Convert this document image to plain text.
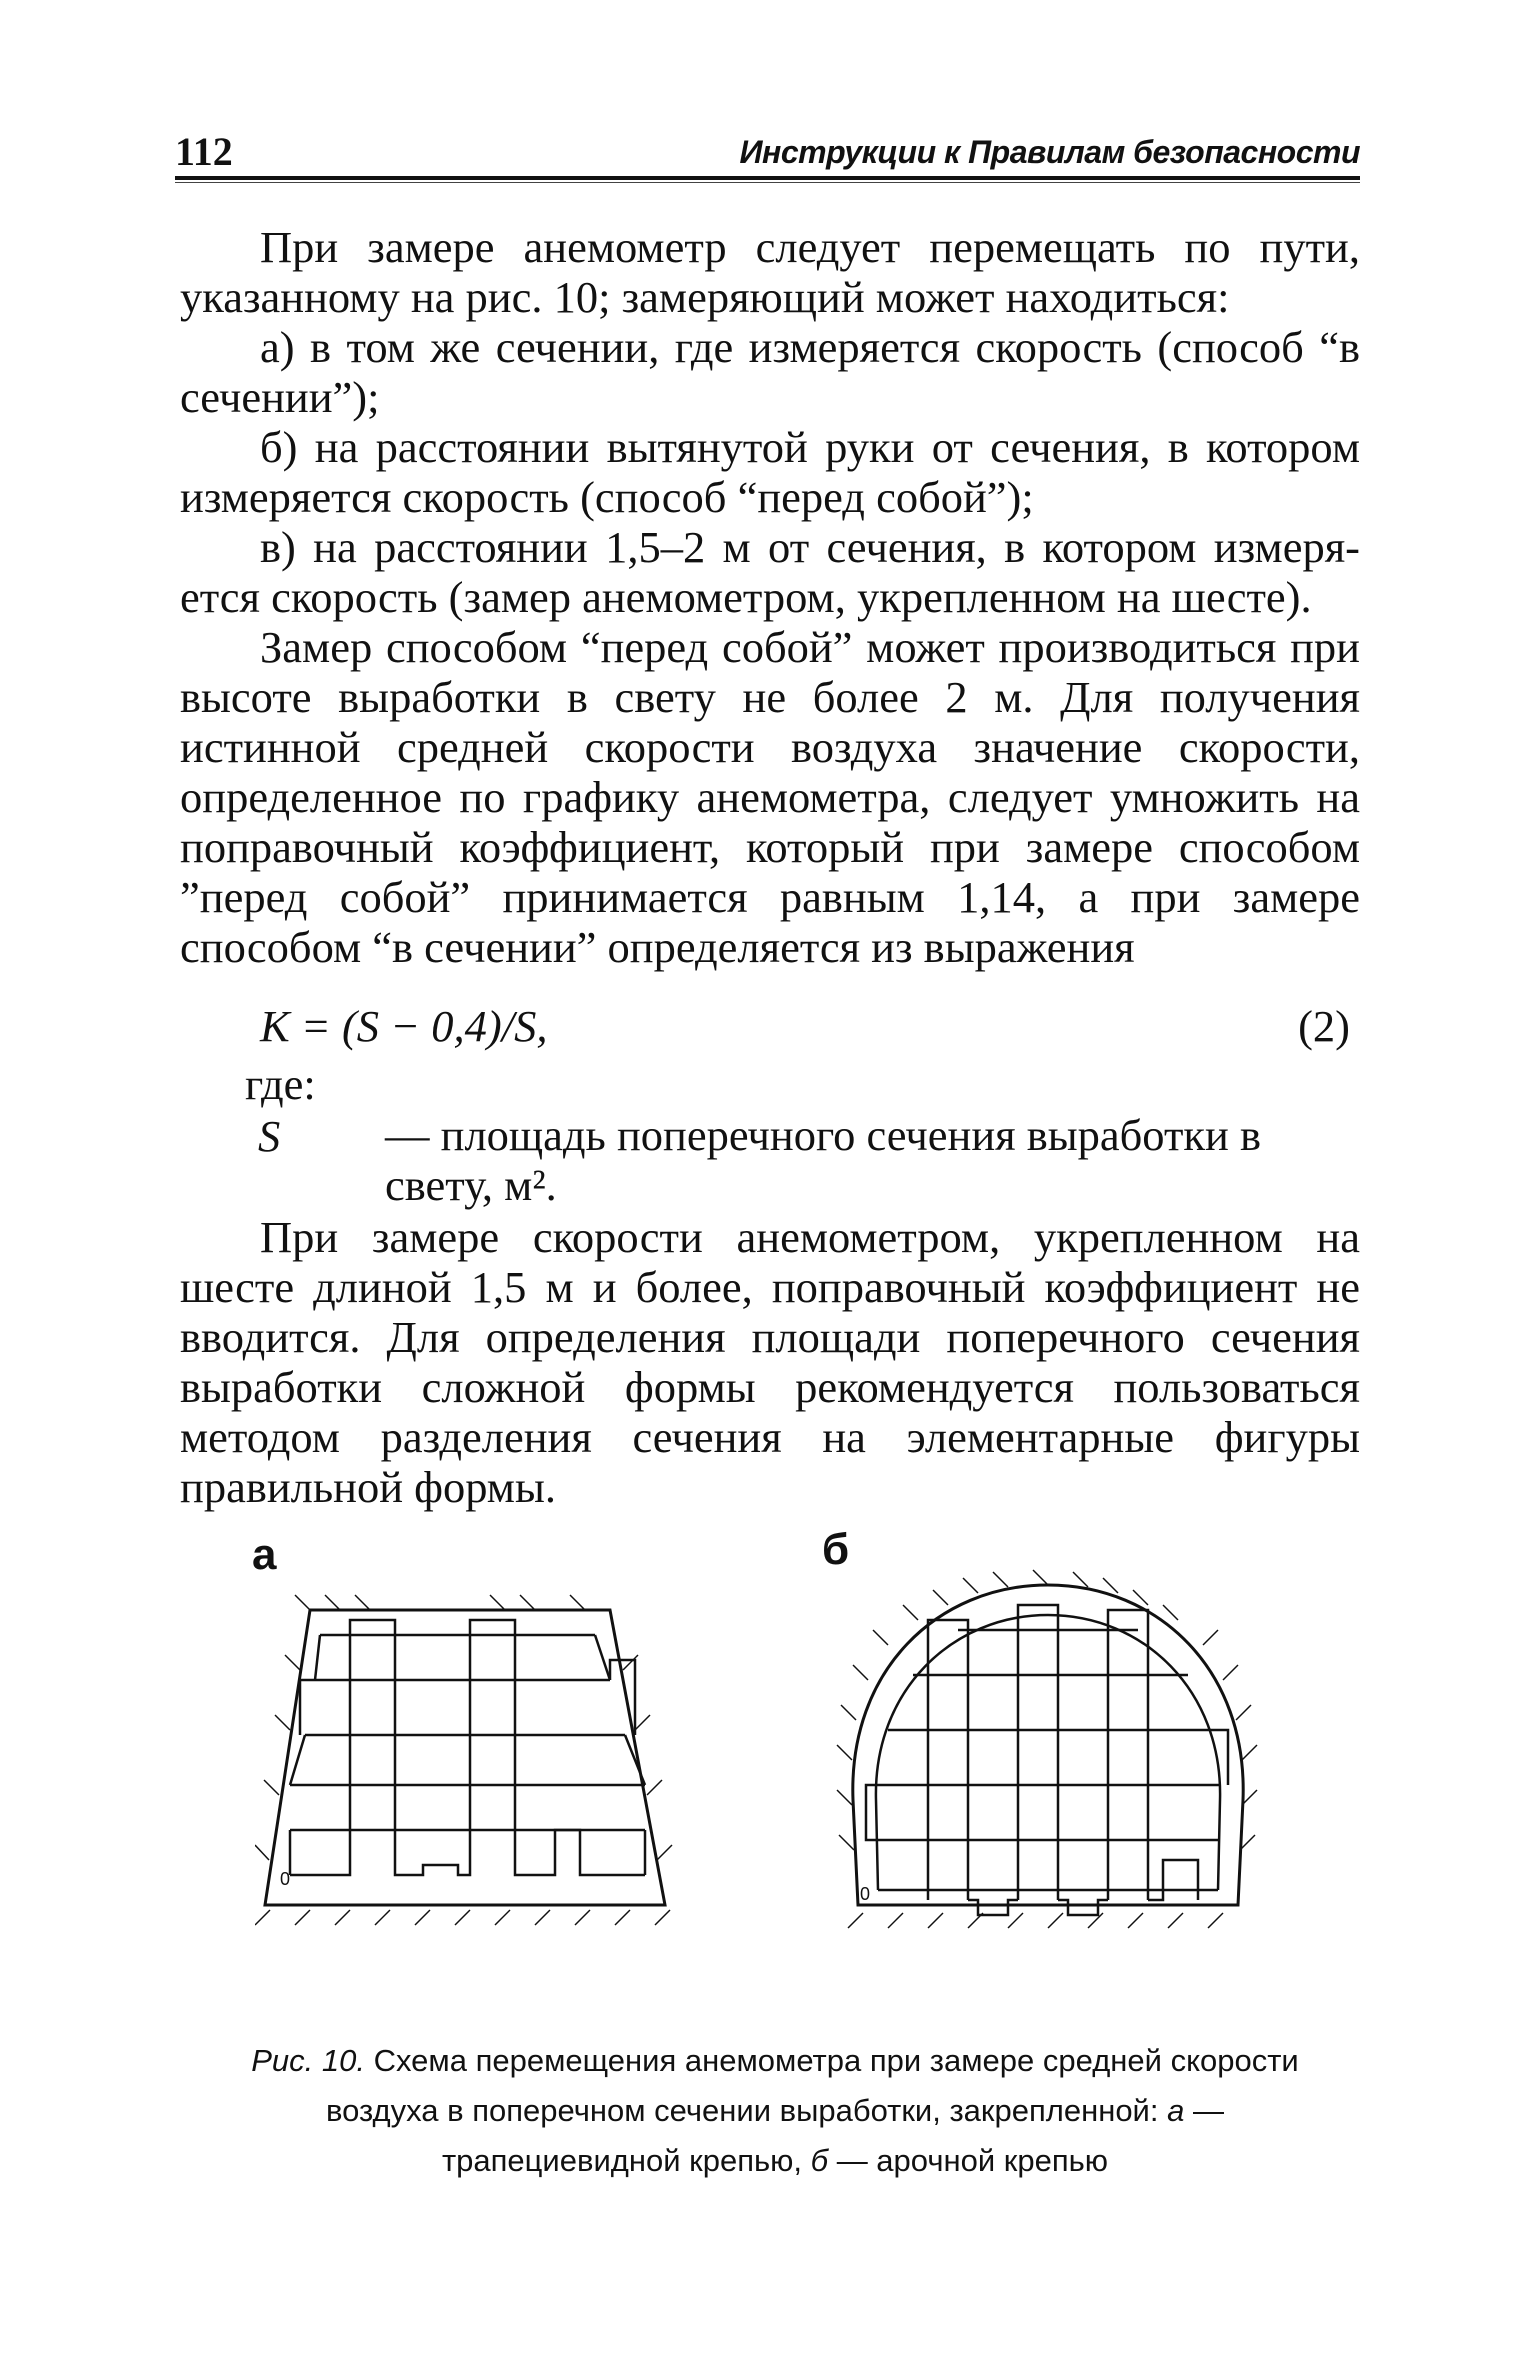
112	Инструкции к Правилам безопасности

При замере анемометр следует перемещать по пути, указанному на рис. 10; замеряющий может находиться:

а) в том же сечении, где измеряется скорость (способ “в сечении”);

б) на расстоянии вытянутой руки от сечения, в котором измеряется скорость (способ “перед собой”);

в) на расстоянии 1,5–2 м от сечения, в котором измеряется скорость (замер анемометром, укрепленном на шесте).

Замер способом “перед собой” может производиться при высоте выработки в свету не более 2 м. Для получения истинной средней скорости воздуха значение скорости, определенное по графику анемометра, следует умножить на поправочный коэффициент, который при замере способом ”перед собой” принимается равным 1,14, а при замере способом “в сечении” определяется из выражения

K = (S − 0,4)/S,	(2)
где:
S — площадь поперечного сечения выработки в свету, м².

При замере скорости анемометром, укрепленном на шесте длиной 1,5 м и более, поправочный коэффициент не вводится. Для определения площади поперечного сечения выработки сложной формы рекомендуется пользоваться методом разделения сечения на элементарные фигуры правильной формы.

а	б
0
0
Рис. 10. Схема перемещения анемометра при замере средней скорости воздуха в поперечном сечении выработки, закрепленной: а — трапециевидной крепью, б — арочной крепью
